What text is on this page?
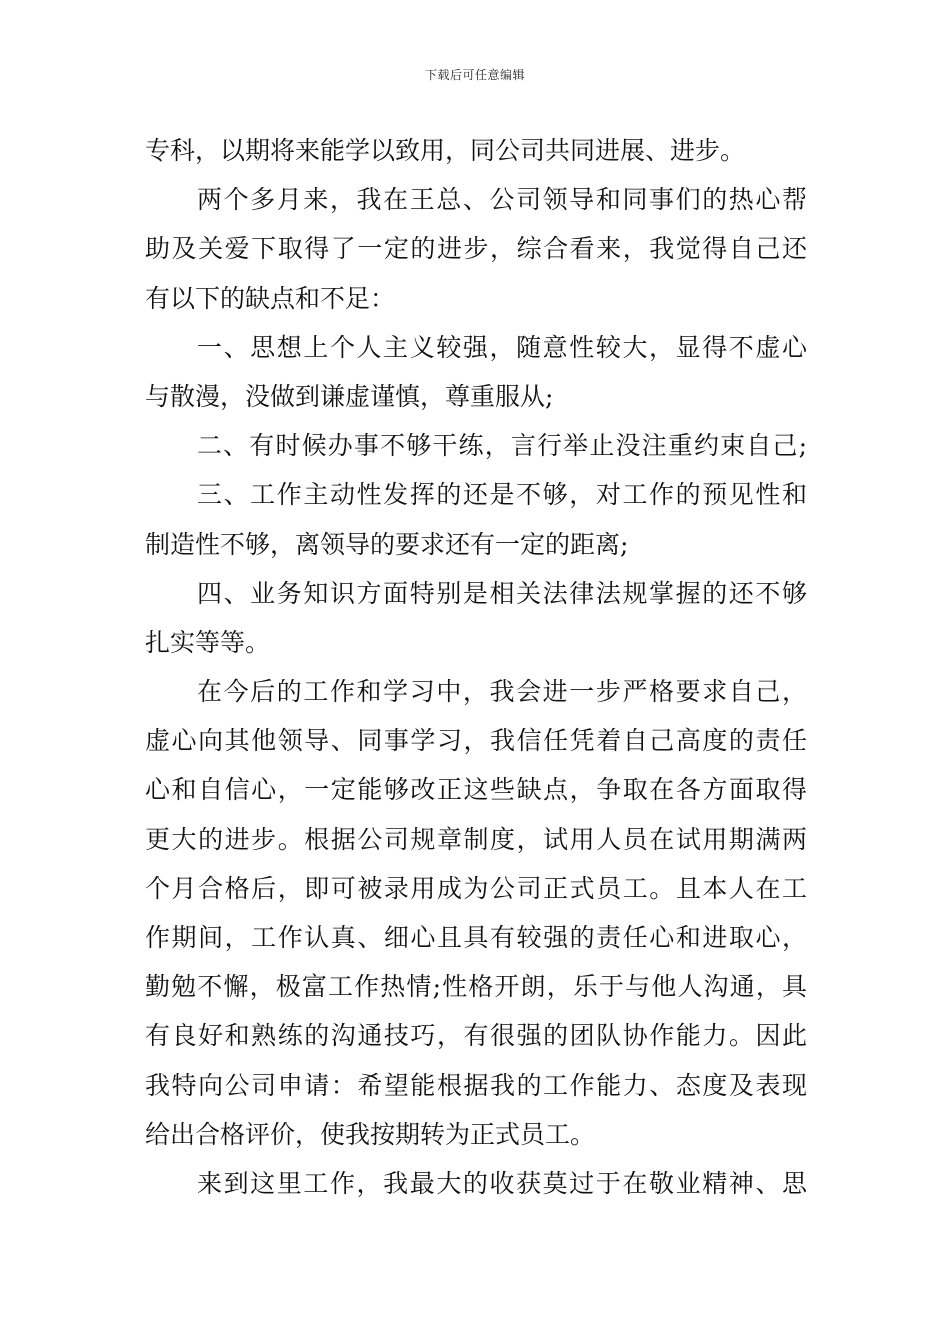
下载后可任意编辑
专科，以期将来能学以致用，同公司共同进展、进步。
两个多月来，我在王总、公司领导和同事们的热心帮
助及关爱下取得了一定的进步，综合看来，我觉得自己还
有以下的缺点和不足：
一、思想上个人主义较强，随意性较大，显得不虚心
与散漫，没做到谦虚谨慎，尊重服从;
二、有时候办事不够干练，言行举止没注重约束自己;
三、工作主动性发挥的还是不够，对工作的预见性和
制造性不够，离领导的要求还有一定的距离;
四、业务知识方面特别是相关法律法规掌握的还不够
扎实等等。
在今后的工作和学习中，我会进一步严格要求自己，
虚心向其他领导、同事学习，我信任凭着自己高度的责任
心和自信心，一定能够改正这些缺点，争取在各方面取得
更大的进步。根据公司规章制度，试用人员在试用期满两
个月合格后，即可被录用成为公司正式员工。且本人在工
作期间，工作认真、细心且具有较强的责任心和进取心，
勤勉不懈，极富工作热情;性格开朗，乐于与他人沟通，具
有良好和熟练的沟通技巧，有很强的团队协作能力。因此
我特向公司申请：希望能根据我的工作能力、态度及表现
给出合格评价，使我按期转为正式员工。
来到这里工作，我最大的收获莫过于在敬业精神、思
